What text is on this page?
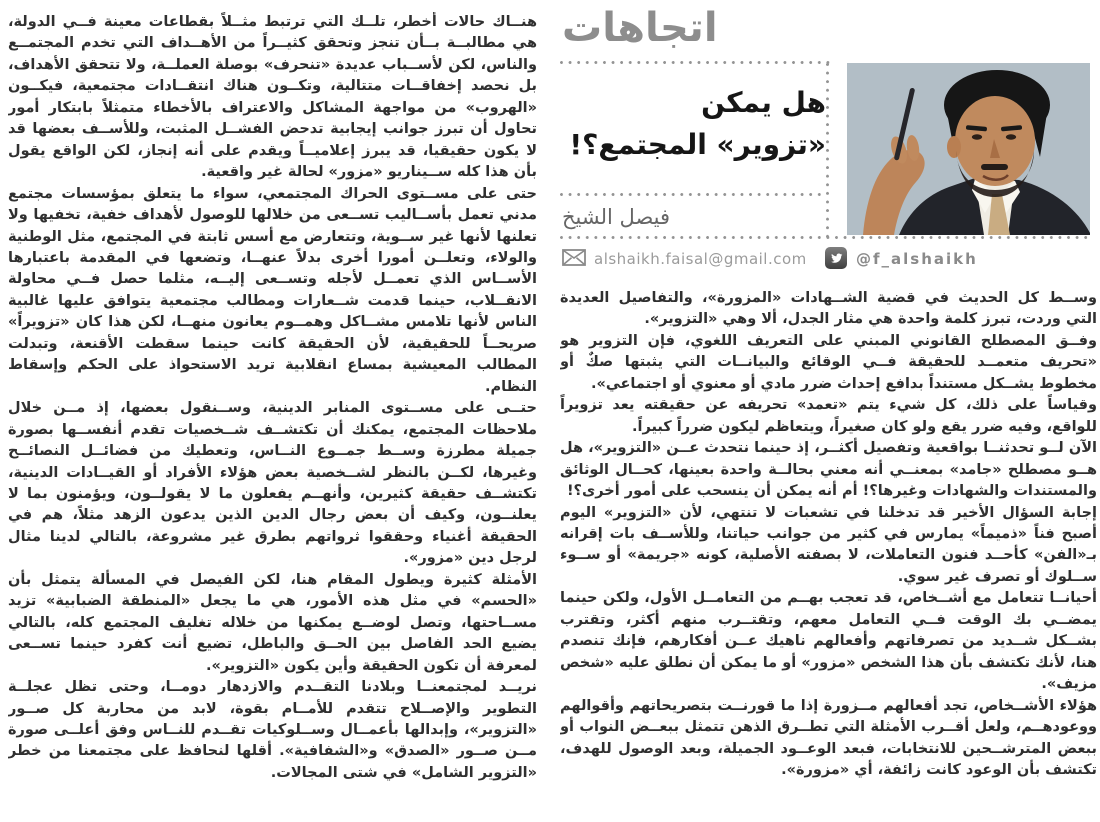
هنــاك حالات أخطر، تلــك التي ترتبط مثــلاً بقطاعات معينة فــي الدولة، هي مطالبــة بــأن تنجز وتحقق كثيــراً من الأهــداف التي تخدم المجتمــع والناس، لكن لأســباب عديدة «تنحرف» بوصلة العملــة، ولا تتحقق الأهداف، بل نحصد إخفاقــات متتالية، وتكــون هناك انتقــادات مجتمعية، فيكــون «الهروب» من مواجهة المشاكل والاعتراف بالأخطاء متمثلاً بابتكار أمور تحاول أن تبرز جوانب إيجابية تدحض الفشــل المثبت، وللأســف بعضها قد لا يكون حقيقيا، قد يبرز إعلاميــاً ويقدم على أنه إنجاز، لكن الواقع يقول بأن هذا كله ســيناريو «مزور» لحالة غير واقعية.

حتى على مســتوى الحراك المجتمعي، سواء ما يتعلق بمؤسسات مجتمع مدني تعمل بأســاليب تســعى من خلالها للوصول لأهداف خفية، تخفيها ولا تعلنها لأنها غير ســوية، وتتعارض مع أسس ثابتة في المجتمع، مثل الوطنية والولاء، وتعلــن أمورا أخرى بدلاً عنهــا، وتضعها في المقدمة باعتبارها الأســاس الذي تعمــل لأجله وتســعى إليــه، مثلما حصل فــي محاولة الانقــلاب، حينما قدمت شــعارات ومطالب مجتمعية يتوافق عليها غالبية الناس لأنها تلامس مشــاكل وهمــوم يعانون منهــا، لكن هذا كان «تزويراً» صريحــاً للحقيقية، لأن الحقيقة كانت حينما سقطت الأقنعة، وتبدلت المطالب المعيشية بمساع انقلابية تريد الاستحواذ على الحكم وإسقاط النظام.

حتــى على مســتوى المنابر الدينية، وســنقول بعضها، إذ مــن خلال ملاحظات المجتمع، يمكنك أن تكتشــف شــخصيات تقدم أنفســها بصورة جميلة مطرزة وســط جمــوع النــاس، وتعطيك من فضائــل النصائــح وغيرها، لكــن بالنظر لشــخصية بعض هؤلاء الأفراد أو القيــادات الدينية، تكتشــف حقيقة كثيرين، وأنهــم يفعلون ما لا يقولــون، ويؤمنون بما لا يعلنــون، وكيف أن بعض رجال الدين الذين يدعون الزهد مثلاً، هم في الحقيقة أغنياء وحققوا ثرواتهم بطرق غير مشروعة، بالتالي لدينا مثال لرجل دين «مزور».

الأمثلة كثيرة ويطول المقام هنا، لكن الفيصل في المسألة يتمثل بأن «الحسم» في مثل هذه الأمور، هي ما يجعل «المنطقة الضبابية» تزيد مســاحتها، وتصل لوضــع يمكنها من خلاله تغليف المجتمع كله، بالتالي يضيع الحد الفاصل بين الحــق والباطل، تضيع أنت كفرد حينما تســعى لمعرفة أن تكون الحقيقة وأين يكون «التزوير».

نريــد لمجتمعنــا وبلادنا التقــدم والازدهار دومــا، وحتى تظل عجلــة التطوير والإصــلاح تتقدم للأمــام بقوة، لابد من محاربة كل صــور «التزوير»، وإبدالها بأعمــال وســلوكيات تقــدم للنــاس وفق أعلــى صورة مــن صــور «الصدق» و«الشفافية». أقلها لنحافظ على مجتمعنا من خطر «التزوير الشامل» في شتى المجالات.

اتجاهات
هل يمكن
«تزوير» المجتمع؟!
فيصل الشيخ
alshaikh.faisal@gmail.com	@f_alshaikh

وســط كل الحديث في قضية الشــهادات «المزورة»، والتفاصيل العديدة التي وردت، تبرز كلمة واحدة هي مثار الجدل، ألا وهي «التزوير».

وفــق المصطلح القانوني المبني على التعريف اللغوي، فإن التزوير هو «تحريف متعمــد للحقيقة فــي الوقائع والبيانــات التي يثبتها صكٌ أو مخطوط يشــكل مستنداً بدافع إحداث ضرر مادي أو معنوي أو اجتماعي».

وقياساً على ذلك، كل شيء يتم «تعمد» تحريفه عن حقيقته يعد تزويراً للواقع، وفيه ضرر يقع ولو كان صغيراً، ويتعاظم ليكون ضرراً كبيراً.

الآن لــو تحدثنــا بواقعية وتفصيل أكثــر، إذ حينما نتحدث عــن «التزوير»، هل هــو مصطلح «جامد» بمعنــي أنه معني بحالــة واحدة بعينها، كحــال الوثائق والمستندات والشهادات وغيرها؟! أم أنه يمكن أن ينسحب على أمور أخرى؟!

إجابة السؤال الأخير قد تدخلنا في تشعبات لا تنتهي، لأن «التزوير» اليوم أصبح فناً «ذميماً» يمارس في كثير من جوانب حياتنا، وللأســف بات إقرانه بـ«الفن» كأحــد فنون التعاملات، لا بصفته الأصلية، كونه «جريمة» أو ســوء ســلوك أو تصرف غير سوي.

أحيانــا تتعامل مع أشــخاص، قد تعجب بهــم من التعامــل الأول، ولكن حينما يمضــي بك الوقت فــي التعامل معهم، وتقتــرب منهم أكثر، وتقترب بشــكل شــديد من تصرفاتهم وأفعالهم ناهيك عــن أفكارهم، فإنك تنصدم هنا، لأنك تكتشف بأن هذا الشخص «مزور» أو ما يمكن أن نطلق عليه «شخص مزيف».

هؤلاء الأشــخاص، تجد أفعالهم مــزورة إذا ما قورنــت بتصريحاتهم وأقوالهم ووعودهــم، ولعل أقــرب الأمثلة التي تطــرق الذهن تتمثل ببعــض النواب أو ببعض المترشــحين للانتخابات، فبعد الوعــود الجميلة، وبعد الوصول للهدف، تكتشف بأن الوعود كانت زائفة، أي «مزورة».
